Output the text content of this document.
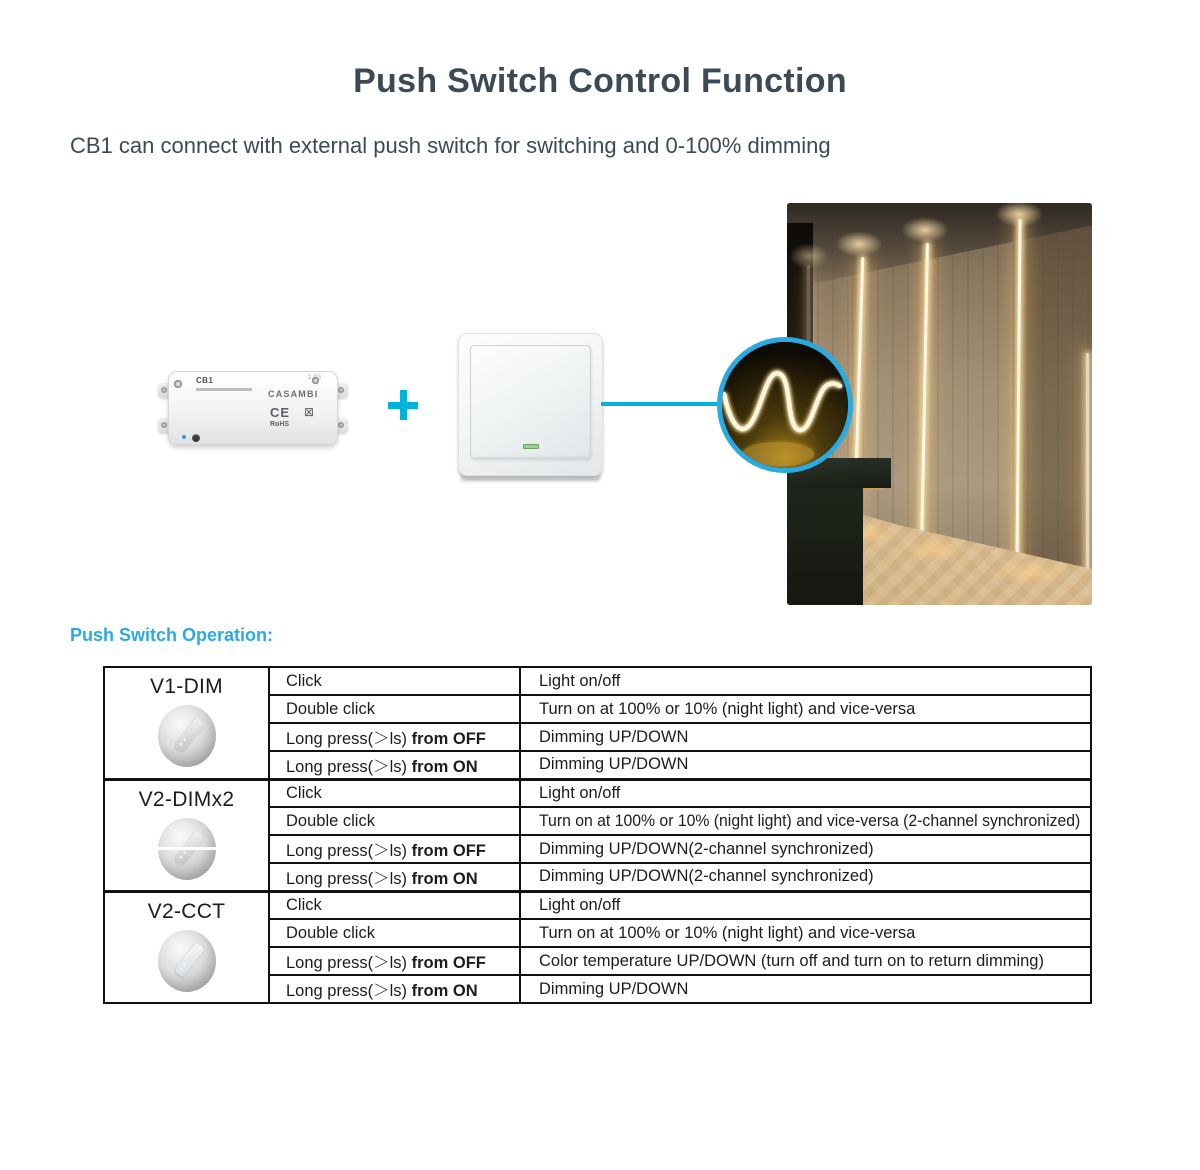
Push Switch Control Function

CB1 can connect with external push switch for switching and 0-100% dimming

CB1
CASAMBI
CE ⊠
RoHS
2.4G
Push Switch Operation:
V1-DIM	Click	Light on/off
	Double click	Turn on at 100% or 10% (night light) and vice-versa
	Long press(＞ls) from OFF	Dimming UP/DOWN
	Long press(＞ls) from ON	Dimming UP/DOWN

V2-DIMx2	Click	Light on/off
	Double click	Turn on at 100% or 10% (night light) and vice-versa (2-channel synchronized)
	Long press(＞ls) from OFF	Dimming UP/DOWN(2-channel synchronized)
	Long press(＞ls) from ON	Dimming UP/DOWN(2-channel synchronized)

V2-CCT	Click	Light on/off
	Double click	Turn on at 100% or 10% (night light) and vice-versa
	Long press(＞ls) from OFF	Color temperature UP/DOWN (turn off and turn on to return dimming)
	Long press(＞ls) from ON	Dimming UP/DOWN
